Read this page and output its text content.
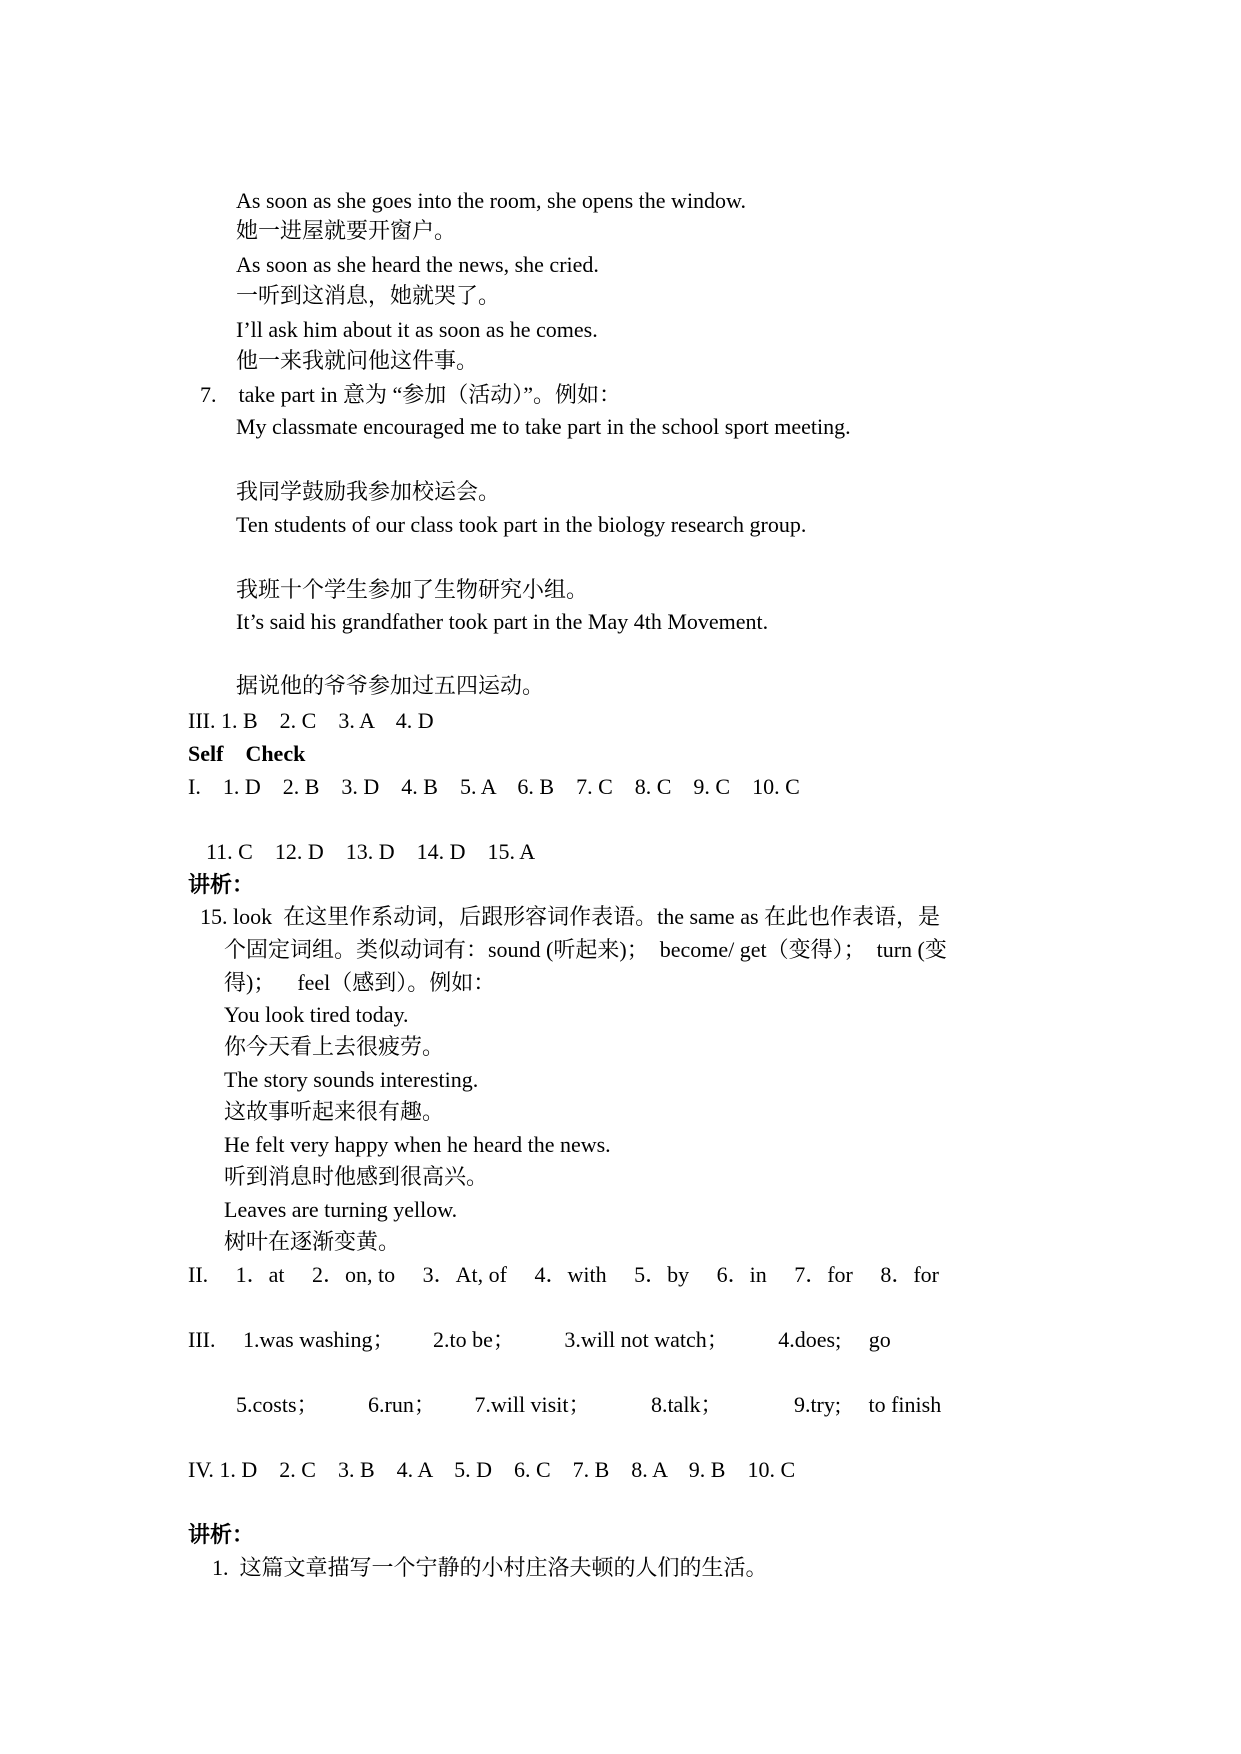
As soon as she goes into the room, she opens the window.
她一进屋就要开窗户。
As soon as she heard the news, she cried.
一听到这消息，她就哭了。
I’ll ask him about it as soon as he comes.
他一来我就问他这件事。
7.    take part in 意为 “参加（活动）”。例如：
My classmate encouraged me to take part in the school sport meeting.
我同学鼓励我参加校运会。
Ten students of our class took part in the biology research group.
我班十个学生参加了生物研究小组。
It’s said his grandfather took part in the May 4th Movement.
据说他的爷爷参加过五四运动。
III. 1. B    2. C    3. A    4. D
Self    Check
I.    1. D    2. B    3. D    4. B    5. A    6. B    7. C    8. C    9. C    10. C
11. C    12. D    13. D    14. D    15. A
讲析：
15. look  在这里作系动词，后跟形容词作表语。the same as 在此也作表语，是
个固定词组。类似动词有：sound (听起来)；  become/ get（变得）；  turn (变
得)；    feel（感到）。例如：
You look tired today.
你今天看上去很疲劳。
The story sounds interesting.
这故事听起来很有趣。
He felt very happy when he heard the news.
听到消息时他感到很高兴。
Leaves are turning yellow.
树叶在逐渐变黄。
II.     1．at     2．on, to     3．At, of     4．with     5．by     6．in     7．for     8．for
III.     1.was washing；       2.to be；         3.will not watch；         4.does;     go
5.costs；         6.run；       7.will visit；           8.talk；             9.try;     to finish
IV. 1. D    2. C    3. B    4. A    5. D    6. C    7. B    8. A    9. B    10. C
讲析：
1.  这篇文章描写一个宁静的小村庄洛夫顿的人们的生活。
